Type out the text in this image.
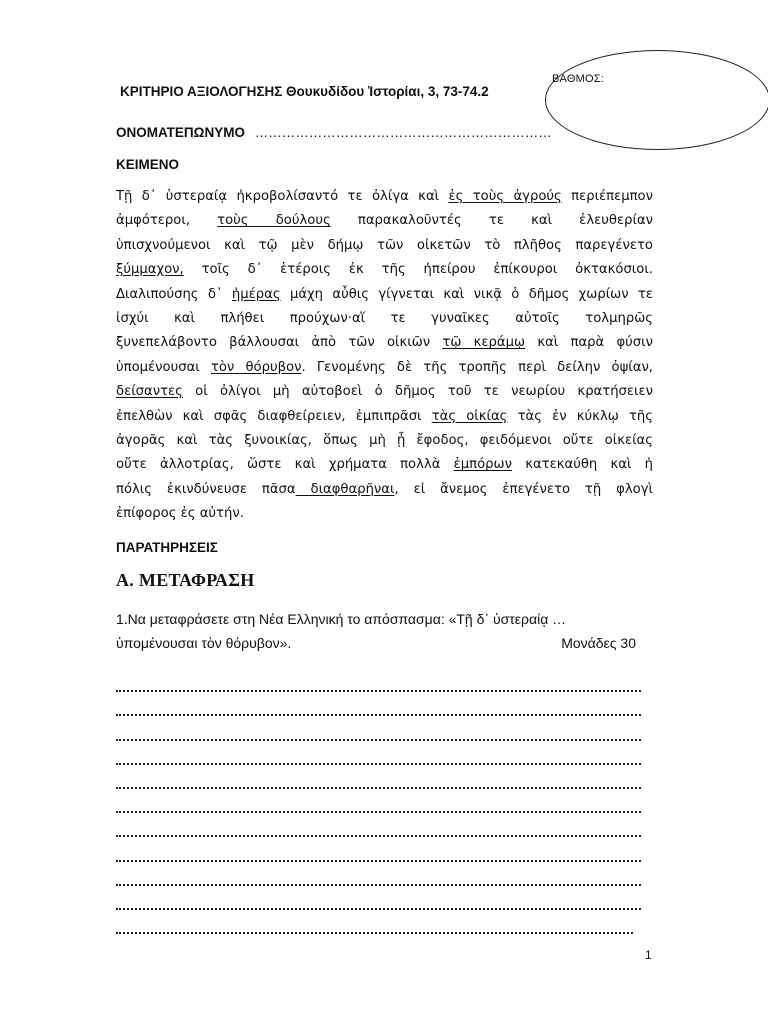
ΒΑΘΜΟΣ:
ΚΡΙΤΗΡΙΟ ΑΞΙΟΛΟΓΗΣΗΣ Θουκυδίδου Ἱστορίαι, 3, 73-74.2
ΟΝΟΜΑΤΕΠΩΝΥΜΟ …………………………………………………………
ΚΕΙΜΕΝΟ
Τῇ δ᾽ ὑστεραίᾳ ἠκροβολίσαντό τε ὀλίγα καὶ ἐς τοὺς ἀγρούς περιέπεμπον
ἀμφότεροι, τοὺς δούλους παρακαλοῦντές τε καὶ ἐλευθερίαν
ὑπισχνούμενοι καὶ τῷ μὲν δήμῳ τῶν οἰκετῶν τὸ πλῆθος παρεγένετο
ξύμμαχον, τοῖς δ᾽ ἑτέροις ἐκ τῆς ἠπείρου ἐπίκουροι ὀκτακόσιοι.
Διαλιπούσης δ᾽ ἡμέρας μάχη αὖθις γίγνεται καὶ νικᾷ ὁ δῆμος χωρίων τε
ἰσχύι καὶ πλήθει προύχων·αἵ τε γυναῖκες αὐτοῖς τολμηρῶς
ξυνεπελάβοντο βάλλουσαι ἀπὸ τῶν οἰκιῶν τῷ κεράμῳ καὶ παρὰ φύσιν
ὑπομένουσαι τὸν θόρυβον. Γενομένης δὲ τῆς τροπῆς περὶ δείλην ὀψίαν,
δείσαντες οἱ ὀλίγοι μὴ αὐτοβοεὶ ὁ δῆμος τοῦ τε νεωρίου κρατήσειεν
ἐπελθὼν καὶ σφᾶς διαφθείρειεν, ἐμπιπρᾶσι τὰς οἰκίας τὰς ἐν κύκλῳ τῆς
ἀγορᾶς καὶ τὰς ξυνοικίας, ὅπως μὴ ᾖ ἔφοδος, φειδόμενοι οὔτε οἰκείας
οὔτε ἀλλοτρίας, ὥστε καὶ χρήματα πολλὰ ἐμπόρων κατεκαύθη καὶ ἡ
πόλις ἐκινδύνευσε πᾶσα διαφθαρῆναι, εἰ ἄνεμος ἐπεγένετο τῇ φλογὶ
ἐπίφορος ἐς αὐτήν.
ΠΑΡΑΤΗΡΗΣΕΙΣ
Α. ΜΕΤΑΦΡΑΣΗ
1.Να μεταφράσετε στη Νέα Ελληνική το απόσπασμα: «Τῇ δ᾽ ὑστεραίᾳ …
ὑπομένουσαι τὸν θόρυβον».	Μονάδες 30
1
